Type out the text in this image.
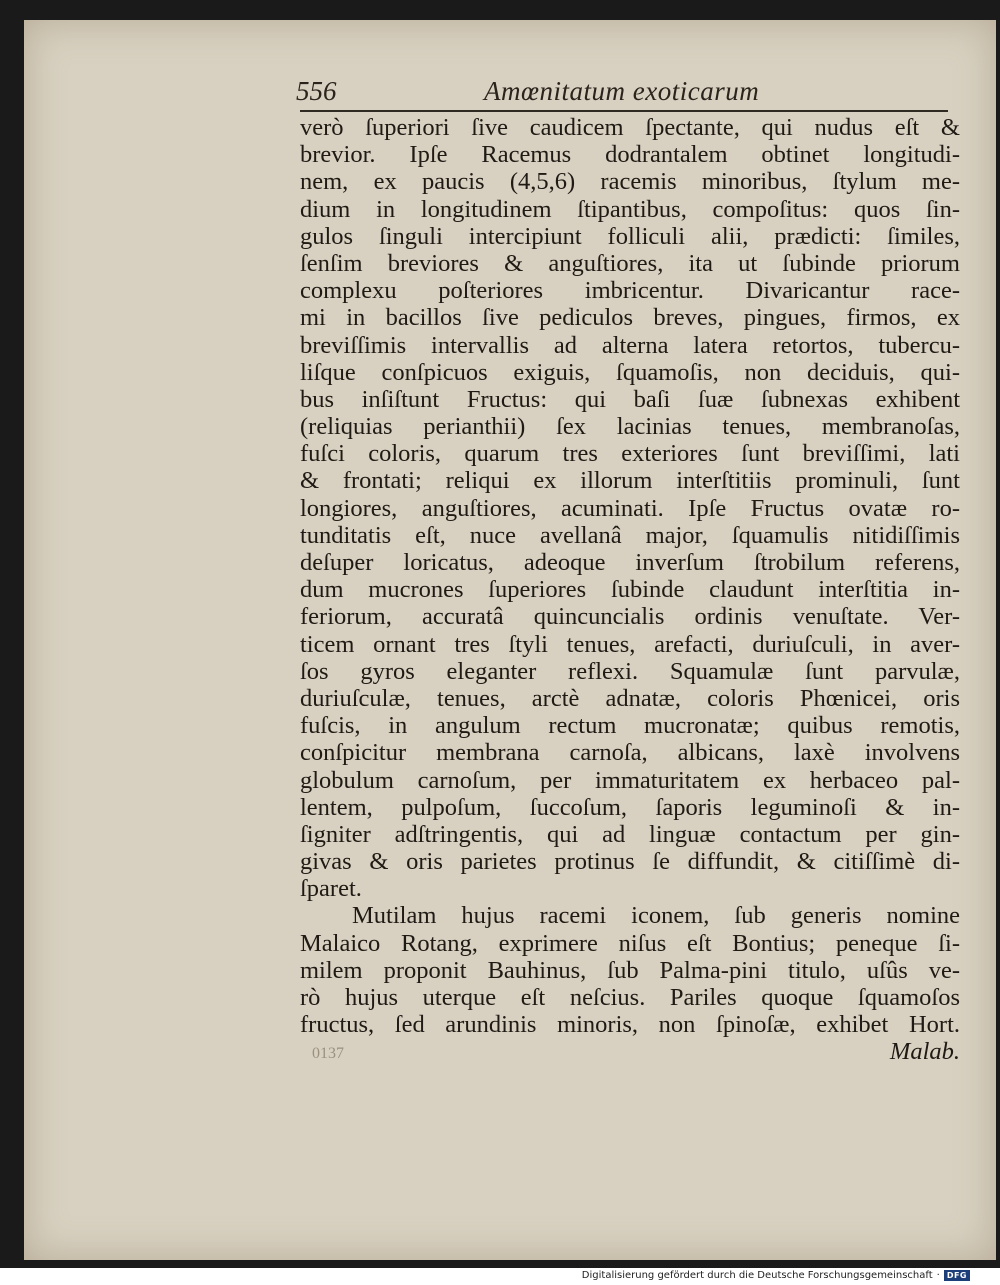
556	Amœnitatum exoticarum
verò ſuperiori ſive caudicem ſpectante, qui nudus eſt &
brevior. Ipſe Racemus dodrantalem obtinet longitudi-
nem, ex paucis (4,5,6) racemis minoribus, ſtylum me-
dium in longitudinem ſtipantibus, compoſitus: quos ſin-
gulos ſinguli intercipiunt folliculi alii, prædicti: ſimiles,
ſenſim breviores & anguſtiores, ita ut ſubinde priorum
complexu poſteriores imbricentur. Divaricantur race-
mi in bacillos ſive pediculos breves, pingues, firmos, ex
breviſſimis intervallis ad alterna latera retortos, tubercu-
liſque conſpicuos exiguis, ſquamoſis, non deciduis, qui-
bus inſiſtunt Fructus: qui baſi ſuæ ſubnexas exhibent
(reliquias perianthii) ſex lacinias tenues, membranoſas,
fuſci coloris, quarum tres exteriores ſunt breviſſimi, lati
& frontati; reliqui ex illorum interſtitiis prominuli, ſunt
longiores, anguſtiores, acuminati. Ipſe Fructus ovatæ ro-
tunditatis eſt, nuce avellanâ major, ſquamulis nitidiſſimis
deſuper loricatus, adeoque inverſum ſtrobilum referens,
dum mucrones ſuperiores ſubinde claudunt interſtitia in-
feriorum, accuratâ quincuncialis ordinis venuſtate. Ver-
ticem ornant tres ſtyli tenues, arefacti, duriuſculi, in aver-
ſos gyros eleganter reflexi. Squamulæ ſunt parvulæ,
duriuſculæ, tenues, arctè adnatæ, coloris Phœnicei, oris
fuſcis, in angulum rectum mucronatæ; quibus remotis,
conſpicitur membrana carnoſa, albicans, laxè involvens
globulum carnoſum, per immaturitatem ex herbaceo pal-
lentem, pulpoſum, ſuccoſum, ſaporis leguminoſi & in-
ſigniter adſtringentis, qui ad linguæ contactum per gin-
givas & oris parietes protinus ſe diffundit, & citiſſimè di-
ſparet.
Mutilam hujus racemi iconem, ſub generis nomine
Malaico Rotang, exprimere niſus eſt Bontius; peneque ſi-
milem proponit Bauhinus, ſub Palma-pini titulo, uſûs ve-
rò hujus uterque eſt neſcius. Pariles quoque ſquamoſos
fructus, ſed arundinis minoris, non ſpinoſæ, exhibet Hort.
Malab.
0137
Digitalisierung gefördert durch die Deutsche Forschungsgemeinschaft · DFG
